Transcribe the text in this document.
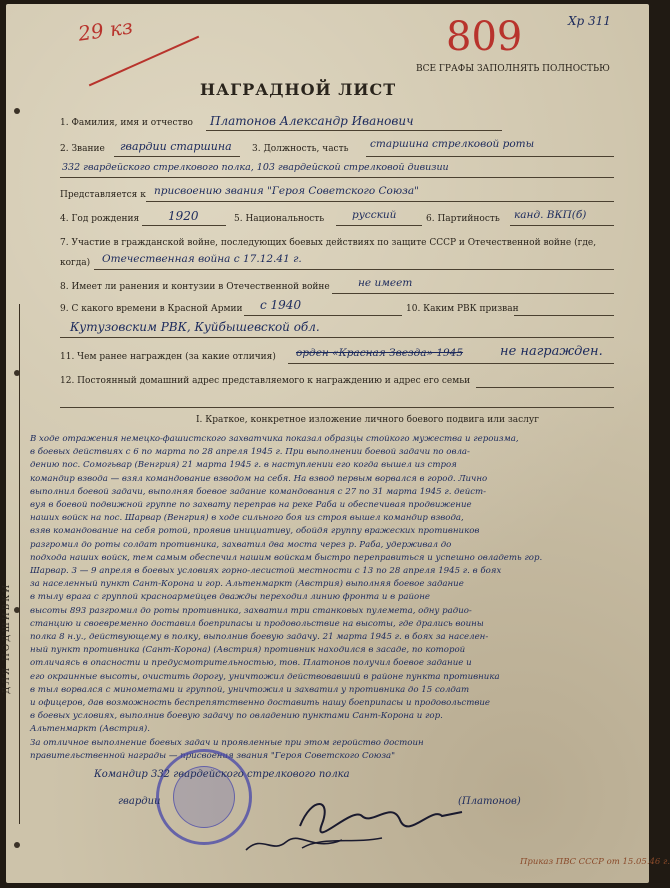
ДЛЯ ПОДШИВКИ
29 кз	809	Хр 311
ВСЕ ГРАФЫ ЗАПОЛНЯТЬ ПОЛНОСТЬЮ
НАГРАДНОЙ ЛИСТ
1. Фамилия, имя и отчество Платонов Александр Иванович
2. Звание гвардии старшина 3. Должность, часть старшина стрелковой роты
332 гвардейского стрелкового полка, 103 гвардейской стрелковой дивизии
Представляется к присвоению звания "Героя Советского Союза"
4. Год рождения 1920	5. Национальность	русский	6. Партийность канд. ВКП(б)
7. Участие в гражданской войне, последующих боевых действиях по защите СССР и Отечественной войне (где,
когда) Отечественная война с 17.12.41 г.
8. Имеет ли ранения и контузии в Отечественной войне	не имеет
9. С какого времени в Красной Армии с 1940	10. Каким РВК призван
Кутузовским РВК, Куйбышевской обл.
11. Чем ранее награжден (за какие отличия) орден «Красная Звезда» 1945	не награжден.
12. Постоянный домашний адрес представляемого к награждению и адрес его семьи
I. Краткое, конкретное изложение личного боевого подвига или заслуг
В ходе отражения немецко-фашистского захватчика показал образцы стойкого мужества и героизма,
в боевых действиях с 6 по марта по 28 апреля 1945 г. При выполнении боевой задачи по овла-
дению пос. Сомогьвар (Венгрия) 21 марта 1945 г. в наступлении его когда вышел из строя
командир взвода — взял командование взводом на себя. На взвод первым ворвался в город. Лично
выполнил боевой задачи, выполняя боевое задание командования с 27 по 31 марта 1945 г. дейст-
вуя в боевой подвижной группе по захвату переправ на реке Раба и обеспечивая продвижение
наших войск на пос. Шарвар (Венгрия) в ходе сильного боя из строя вышел командир взвода,
взяв командование на себя ротой, проявив инициативу, обойдя группу вражеских противников
разгромил до роты солдат противника, захватил два моста через р. Раба, удерживал до
подхода наших войск, тем самым обеспечил нашим войскам быстро переправиться и успешно овладеть гор.
Шарвар. 3 — 9 апреля в боевых условиях горно-лесистой местности с 13 по 28 апреля 1945 г. в боях
за населенный пункт Сант-Корона и гор. Альтенмаркт (Австрия) выполняя боевое задание
в тылу врага с группой красноармейцев дважды переходил линию фронта и в районе
высоты 893 разгромил до роты противника, захватил три станковых пулемета, одну радио-
станцию и своевременно доставил боеприпасы и продовольствие на высоты, где дрались воины
полка 8 н.у., действующему в полку, выполнив боевую задачу. 21 марта 1945 г. в боях за населен-
ный пункт противника (Сант-Корона) (Австрия) противник находился в засаде, по которой
отличаясь в опасности и предусмотрительностью, тов. Платонов получил боевое задание и
его окраинные высоты, очистить дорогу, уничтожил действовавший в районе пункта противника
в тыл ворвался с минометами и группой, уничтожил и захватил у противника до 15 солдат
и офицеров, дав возможность беспрепятственно доставить нашу боеприпасы и продовольствие
в боевых условиях, выполнив боевую задачу по овладению пунктами Сант-Корона и гор.
Альтенмаркт (Австрия).
За отличное выполнение боевых задач и проявленные при этом геройство достоин
правительственной награды — присвоения звания "Героя Советского Союза"
Командир 332 гвардейского стрелкового полка
гвардии	(Платонов)
Приказ ПВС СССР от 15.05.46 г.
